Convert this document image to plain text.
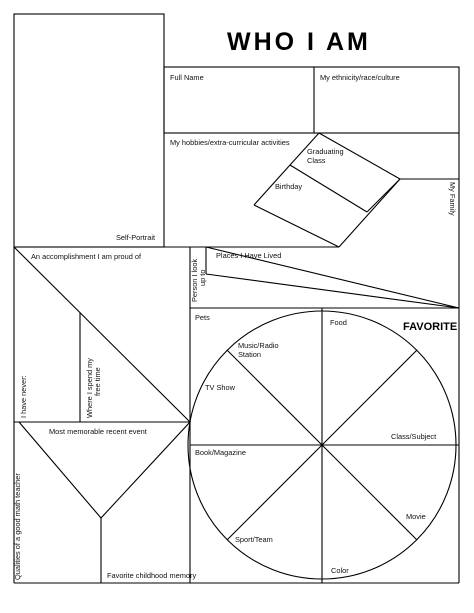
WHO I AM
Self-Portrait
Full Name	My ethnicity/race/culture
My hobbies/extra-curricular activities
Graduating
Class
Birthday	My Family
An accomplishment I am proud of
Person I look up to
Places I Have Lived
I have never:	Where I spend my free time
Most memorable recent event
Qualities of a good math teacher	Favorite childhood memory
FAVORITE
Pets
Food
Music/Radio
Station
TV Show
Class/Subject
Book/Magazine
Movie
Sport/Team
Color
